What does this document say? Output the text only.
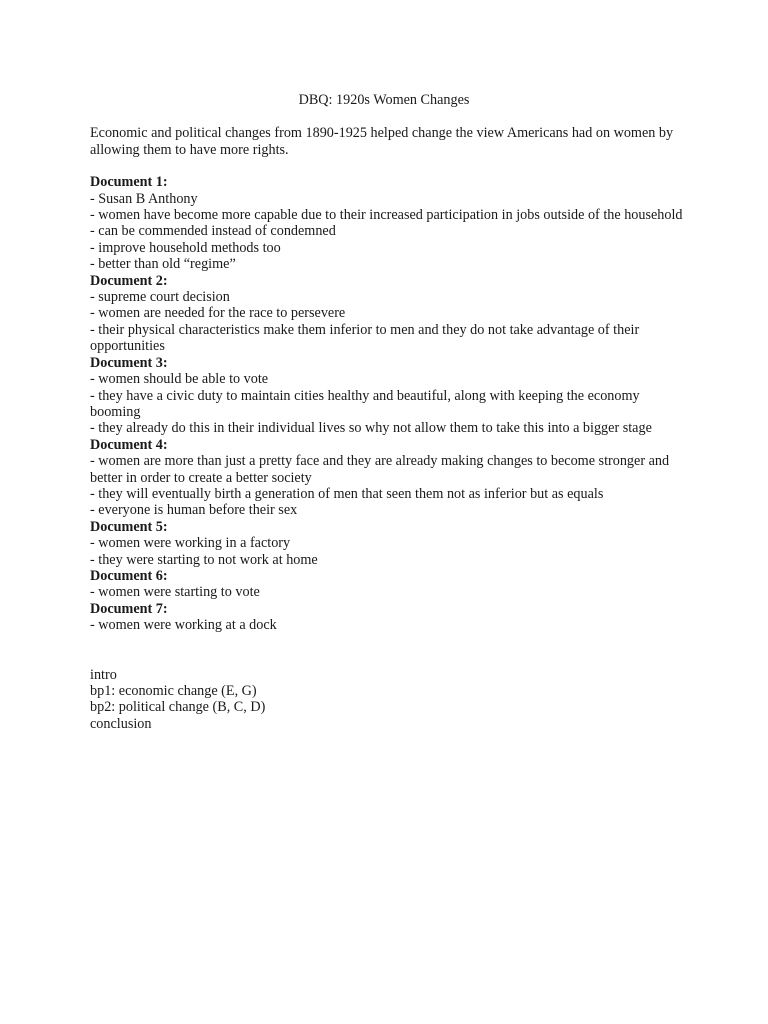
DBQ: 1920s Women Changes
Economic and political changes from 1890-1925 helped change the view Americans had on women by allowing them to have more rights.
Document 1:
- Susan B Anthony
- women have become more capable due to their increased participation in jobs outside of the household
- can be commended instead of condemned
- improve household methods too
- better than old “regime”
Document 2:
- supreme court decision
- women are needed for the race to persevere
- their physical characteristics make them inferior to men and they do not take advantage of their opportunities
Document 3:
- women should be able to vote
- they have a civic duty to maintain cities healthy and beautiful, along with keeping the economy booming
- they already do this in their individual lives so why not allow them to take this into a bigger stage
Document 4:
- women are more than just a pretty face and they are already making changes to become stronger and better in order to create a better society
- they will eventually birth a generation of men that seen them not as inferior but as equals
- everyone is human before their sex
Document 5:
- women were working in a factory
- they were starting to not work at home
Document 6:
- women were starting to vote
Document 7:
- women were working at a dock
intro
bp1: economic change (E, G)
bp2: political change (B, C, D)
conclusion
